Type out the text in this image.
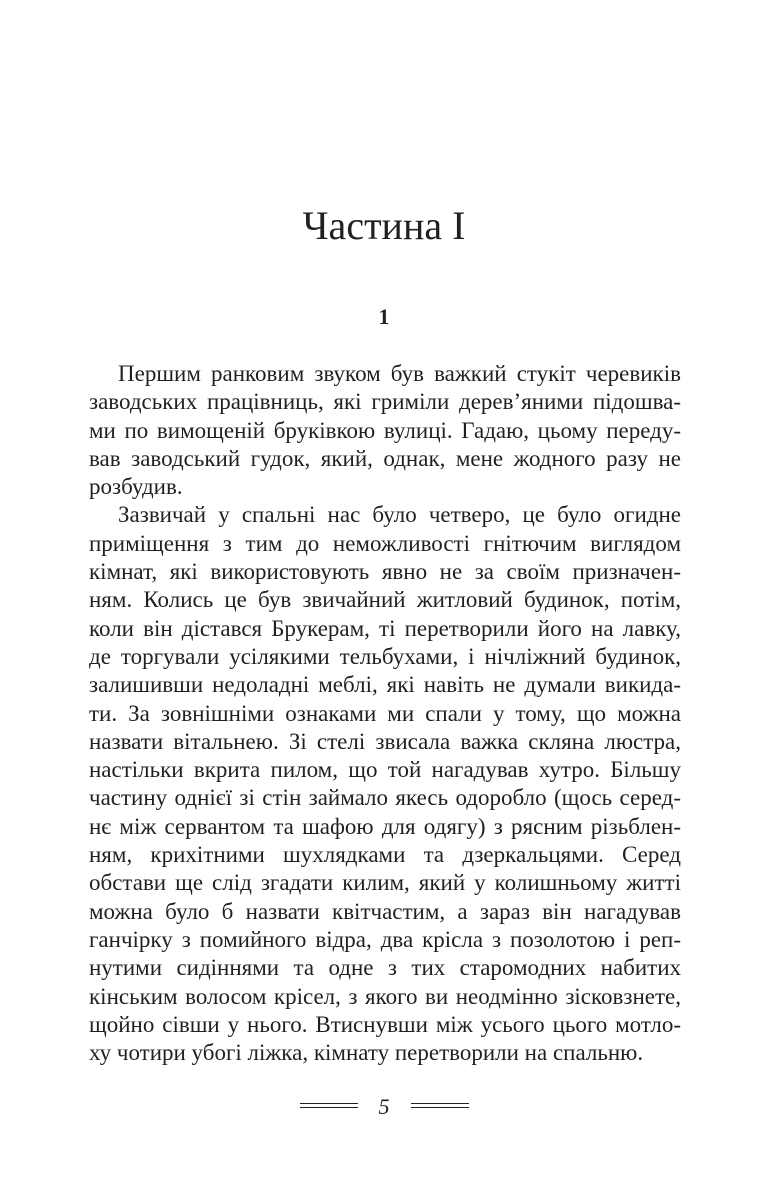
Частина I
1
Першим ранковим звуком був важкий стукіт черевиків
заводських працівниць, які гриміли дерев’яними підошва-
ми по вимощеній бруківкою вулиці. Гадаю, цьому переду-
вав заводський гудок, який, однак, мене жодного разу не
розбудив.
Зазвичай у спальні нас було четверо, це було огидне
приміщення з тим до неможливості гнітючим виглядом
кімнат, які використовують явно не за своїм призначен-
ням. Колись це був звичайний житловий будинок, потім,
коли він дістався Брукерам, ті перетворили його на лавку,
де торгували усілякими тельбухами, і нічліжний будинок,
залишивши недоладні меблі, які навіть не думали викида-
ти. За зовнішніми ознаками ми спали у тому, що можна
назвати вітальнею. Зі стелі звисала важка скляна люстра,
настільки вкрита пилом, що той нагадував хутро. Більшу
частину однієї зі стін займало якесь одоробло (щось серед-
нє між сервантом та шафою для одягу) з рясним різьблен-
ням, крихітними шухлядками та дзеркальцями. Серед
обстави ще слід згадати килим, який у колишньому житті
можна було б назвати квітчастим, а зараз він нагадував
ганчірку з помийного відра, два крісла з позолотою і реп-
нутими сидіннями та одне з тих старомодних набитих
кінським волосом крісел, з якого ви неодмінно зісковзнете,
щойно сівши у нього. Втиснувши між усього цього мотло-
ху чотири убогі ліжка, кімнату перетворили на спальню.
5
